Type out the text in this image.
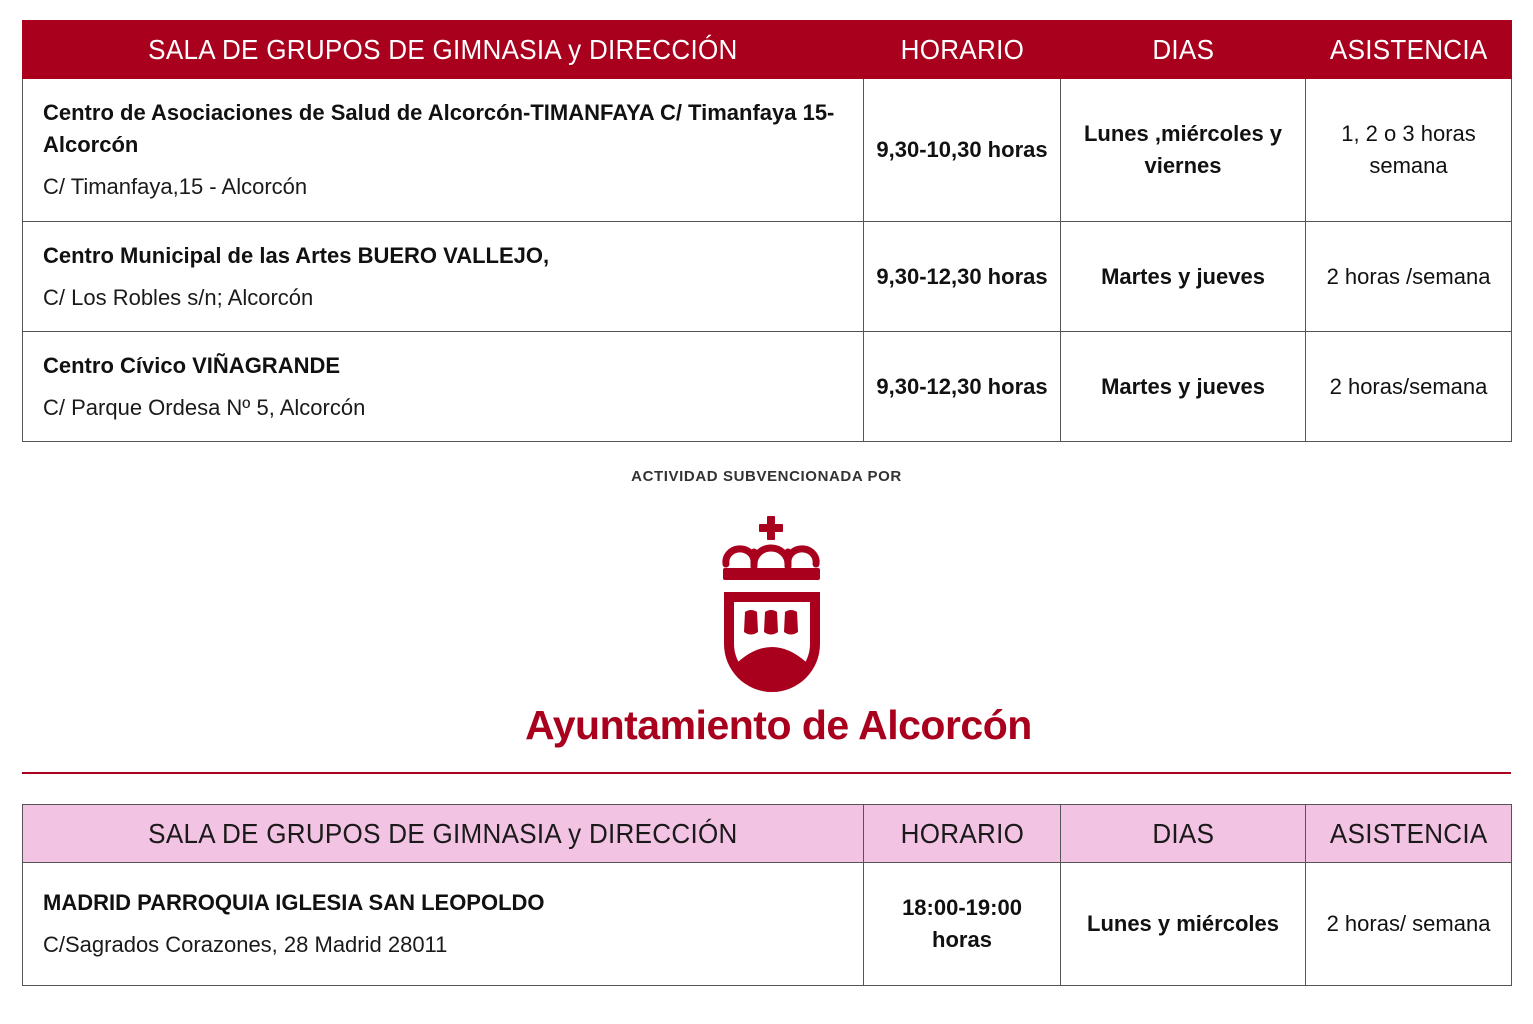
SALA DE GRUPOS DE GIMNASIA y DIRECCIÓN	HORARIO	DIAS	ASISTENCIA

Centro de Asociaciones de Salud de Alcorcón-TIMANFAYA C/ Timanfaya 15- Alcorcón
C/ Timanfaya,15 - Alcorcón	9,30-10,30 horas	Lunes ,miércoles y viernes	1, 2 o 3 horas semana

Centro Municipal de las Artes BUERO VALLEJO,
C/ Los Robles s/n; Alcorcón	9,30-12,30 horas	Martes y jueves	2 horas /semana

Centro Cívico VIÑAGRANDE
C/ Parque Ordesa Nº 5, Alcorcón	9,30-12,30 horas	Martes y jueves	2 horas/semana
ACTIVIDAD SUBVENCIONADA POR
Ayuntamiento de Alcorcón
SALA DE GRUPOS DE GIMNASIA y DIRECCIÓN	HORARIO	DIAS	ASISTENCIA

MADRID PARROQUIA IGLESIA SAN LEOPOLDO
C/Sagrados Corazones, 28 Madrid 28011	18:00-19:00 horas	Lunes y miércoles	2 horas/ semana
